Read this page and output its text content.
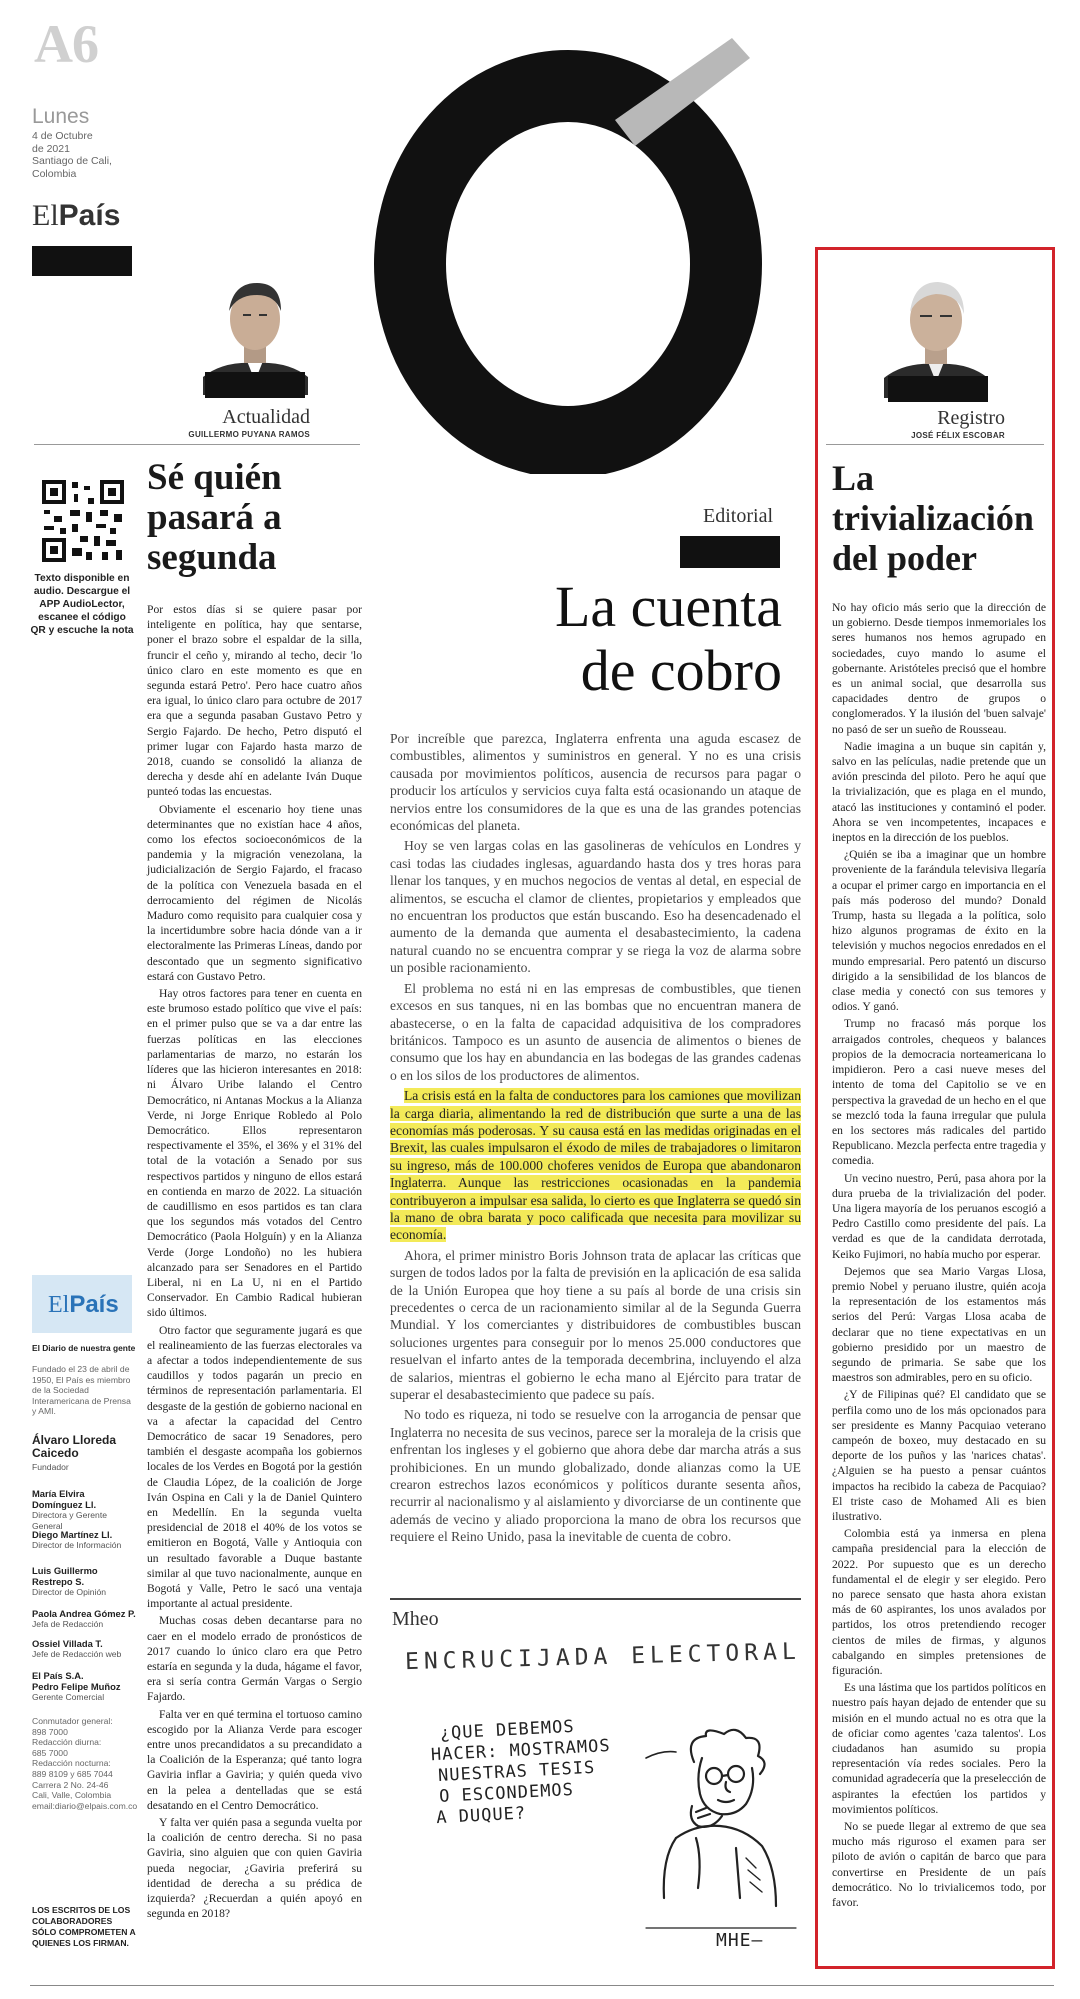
A6
Lunes
4 de Octubre
de 2021
Santiago de Cali,
Colombia
ElPaís
Actualidad
GUILLERMO PUYANA RAMOS
Sé quién
pasará a
segunda
Texto disponible en audio. Descargue el APP AudioLector, escanee el código QR y escuche la nota

Por estos días si se quiere pasar por inteligente en política, hay que sentarse, poner el brazo sobre el espaldar de la silla, fruncir el ceño y, mirando al techo, decir 'lo único claro en este momento es que en segunda estará Petro'. Pero hace cuatro años era igual, lo único claro para octubre de 2017 era que a segunda pasaban Gustavo Petro y Sergio Fajardo. De hecho, Petro disputó el primer lugar con Fajardo hasta marzo de 2018, cuando se consolidó la alianza de derecha y desde ahí en adelante Iván Duque punteó todas las encuestas.

Obviamente el escenario hoy tiene unas determinantes que no existían hace 4 años, como los efectos socioeconómicos de la pandemia y la migración venezolana, la judicialización de Sergio Fajardo, el fracaso de la política con Venezuela basada en el derrocamiento del régimen de Nicolás Maduro como requisito para cualquier cosa y la incertidumbre sobre hacia dónde van a ir electoralmente las Primeras Líneas, dando por descontado que un segmento significativo estará con Gustavo Petro.

Hay otros factores para tener en cuenta en este brumoso estado político que vive el país: en el primer pulso que se va a dar entre las fuerzas políticas en las elecciones parlamentarias de marzo, no estarán los líderes que las hicieron interesantes en 2018: ni Álvaro Uribe ‖alando el Centro Democrático, ni Antanas Mockus a la Alianza Verde, ni Jorge Enrique Robledo al Polo Democrático. Ellos representaron respectivamente el 35%, el 36% y el 31% del total de la votación a Senado por sus respectivos partidos y ninguno de ellos estará en contienda en marzo de 2022. La situación de caudillismo en esos partidos es tan clara que los segundos más votados del Centro Democrático (Paola Holguín) y en la Alianza Verde (Jorge Londoño) no les hubiera alcanzado para ser Senadores en el Partido Liberal, ni en La U, ni en el Partido Conservador. En Cambio Radical hubieran sido últimos.

Otro factor que seguramente jugará es que el realineamiento de las fuerzas electorales va a afectar a todos independientemente de sus caudillos y todos pagarán un precio en términos de representación parlamentaria. El desgaste de la gestión de gobierno nacional en va a afectar la capacidad del Centro Democrático de sacar 19 Senadores, pero también el desgaste acompaña los gobiernos locales de los Verdes en Bogotá por la gestión de Claudia López, de la coalición de Jorge Iván Ospina en Cali y la de Daniel Quintero en Medellín. En la segunda vuelta presidencial de 2018 el 40% de los votos se emitieron en Bogotá, Valle y Antioquia con un resultado favorable a Duque bastante similar al que tuvo nacionalmente, aunque en Bogotá y Valle, Petro le sacó una ventaja importante al actual presidente.

Muchas cosas deben decantarse para no caer en el modelo errado de pronósticos de 2017 cuando lo único claro era que Petro estaría en segunda y la duda, hágame el favor, era si sería contra Germán Vargas o Sergio Fajardo.

Falta ver en qué termina el tortuoso camino escogido por la Alianza Verde para escoger entre unos precandidatos a su precandidato a la Coalición de la Esperanza; qué tanto logra Gaviria inflar a Gaviria; y quién queda vivo en la pelea a dentelladas que se está desatando en el Centro Democrático.

Y falta ver quién pasa a segunda vuelta por la coalición de centro derecha. Si no pasa Gaviria, sino alguien que con quien Gaviria pueda negociar, ¿Gaviria preferirá su identidad de derecha a su prédica de izquierda? ¿Recuerdan a quién apoyó en segunda en 2018?

ElPaís
El Diario de nuestra gente
Fundado el 23 de abril de 1950, El País es miembro de la Sociedad Interamericana de Prensa y AMI.
Álvaro Lloreda Caicedo
Fundador
María Elvira Domínguez Ll.
Directora y Gerente General
Diego Martínez Ll.
Director de Información
Luis Guillermo Restrepo S.
Director de Opinión
Paola Andrea Gómez P.
Jefa de Redacción
Ossiel Villada T.
Jefe de Redacción web
El País S.A.
Pedro Felipe Muñoz
Gerente Comercial
Conmutador general:
898 7000
Redacción diurna:
685 7000
Redacción nocturna:
889 8109 y 685 7044
Carrera 2 No. 24-46
Cali, Valle, Colombia
email:diario@elpais.com.co
LOS ESCRITOS DE LOS COLABORADORES SÓLO COMPROMETEN A QUIENES LOS FIRMAN.
Editorial
La cuenta
de cobro

Por increíble que parezca, Inglaterra enfrenta una aguda escasez de combustibles, alimentos y suministros en general. Y no es una crisis causada por movimientos políticos, ausencia de recursos para pagar o producir los artículos y servicios cuya falta está ocasionando un ataque de nervios entre los consumidores de la que es una de las grandes potencias económicas del planeta.

Hoy se ven largas colas en las gasolineras de vehículos en Londres y casi todas las ciudades inglesas, aguardando hasta dos y tres horas para llenar los tanques, y en muchos negocios de ventas al detal, en especial de alimentos, se escucha el clamor de clientes, propietarios y empleados que no encuentran los productos que están buscando. Eso ha desencadenado el aumento de la demanda que aumenta el desabastecimiento, la cadena natural cuando no se encuentra comprar y se riega la voz de alarma sobre un posible racionamiento.

El problema no está ni en las empresas de combustibles, que tienen excesos en sus tanques, ni en las bombas que no encuentran manera de abastecerse, o en la falta de capacidad adquisitiva de los compradores británicos. Tampoco es un asunto de ausencia de alimentos o bienes de consumo que los hay en abundancia en las bodegas de las grandes cadenas o en los silos de los productores de alimentos.

La crisis está en la falta de conductores para los camiones que movilizan la carga diaria, alimentando la red de distribución que surte a una de las economías más poderosas. Y su causa está en las medidas originadas en el Brexit, las cuales impulsaron el éxodo de miles de trabajadores o limitaron su ingreso, más de 100.000 choferes venidos de Europa que abandonaron Inglaterra. Aunque las restricciones ocasionadas en la pandemia contribuyeron a impulsar esa salida, lo cierto es que Inglaterra se quedó sin la mano de obra barata y poco calificada que necesita para movilizar su economía.

Ahora, el primer ministro Boris Johnson trata de aplacar las críticas que surgen de todos lados por la falta de previsión en la aplicación de esa salida de la Unión Europea que hoy tiene a su país al borde de una crisis sin precedentes o cerca de un racionamiento similar al de la Segunda Guerra Mundial. Y los comerciantes y distribuidores de combustibles buscan soluciones urgentes para conseguir por lo menos 25.000 conductores que resuelvan el infarto antes de la temporada decembrina, incluyendo el alza de salarios, mientras el gobierno le echa mano al Ejército para tratar de superar el desabastecimiento que padece su país.

No todo es riqueza, ni todo se resuelve con la arrogancia de pensar que Inglaterra no necesita de sus vecinos, parece ser la moraleja de la crisis que enfrentan los ingleses y el gobierno que ahora debe dar marcha atrás a sus prohibiciones. En un mundo globalizado, donde alianzas como la UE crearon estrechos lazos económicos y políticos durante sesenta años, recurrir al nacionalismo y al aislamiento y divorciarse de un continente que además de vecino y aliado proporciona la mano de obra los recursos que requiere el Reino Unido, pasa la inevitable de cuenta de cobro.

Mheo
ENCRUCIJADA ELECTORAL
¿QUE DEBEMOS
HACER: MOSTRAMOS
NUESTRAS TESIS
O ESCONDEMOS
A DUQUE?
MHE—
Registro
JOSÉ FÉLIX ESCOBAR
La
trivialización
del poder

No hay oficio más serio que la dirección de un gobierno. Desde tiempos inmemoriales los seres humanos nos hemos agrupado en sociedades, cuyo mando lo asume el gobernante. Aristóteles precisó que el hombre es un animal social, que desarrolla sus capacidades dentro de grupos o conglomerados. Y la ilusión del 'buen salvaje' no pasó de ser un sueño de Rousseau.

Nadie imagina a un buque sin capitán y, salvo en las películas, nadie pretende que un avión prescinda del piloto. Pero he aquí que la trivialización, que es plaga en el mundo, atacó las instituciones y contaminó el poder. Ahora se ven incompetentes, incapaces e ineptos en la dirección de los pueblos.

¿Quién se iba a imaginar que un hombre proveniente de la farándula televisiva llegaría a ocupar el primer cargo en importancia en el país más poderoso del mundo? Donald Trump, hasta su llegada a la política, solo hizo algunos programas de éxito en la televisión y muchos negocios enredados en el mundo empresarial. Pero patentó un discurso dirigido a la sensibilidad de los blancos de clase media y conectó con sus temores y odios. Y ganó.

Trump no fracasó más porque los arraigados controles, chequeos y balances propios de la democracia norteamericana lo impidieron. Pero a casi nueve meses del intento de toma del Capitolio se ve en perspectiva la gravedad de un hecho en el que se mezcló toda la fauna irregular que pulula en los sectores más radicales del partido Republicano. Mezcla perfecta entre tragedia y comedia.

Un vecino nuestro, Perú, pasa ahora por la dura prueba de la trivialización del poder. Una ligera mayoría de los peruanos escogió a Pedro Castillo como presidente del país. La verdad es que de la candidata derrotada, Keiko Fujimori, no había mucho por esperar.

Dejemos que sea Mario Vargas Llosa, premio Nobel y peruano ilustre, quién acoja la representación de los estamentos más serios del Perú: Vargas Llosa acaba de declarar que no tiene expectativas en un gobierno presidido por un maestro de segundo de primaria. Se sabe que los maestros son admirables, pero en su oficio.

¿Y de Filipinas qué? El candidato que se perfila como uno de los más opcionados para ser presidente es Manny Pacquiao veterano campeón de boxeo, muy destacado en su deporte de los puños y las 'narices chatas'. ¿Alguien se ha puesto a pensar cuántos impactos ha recibido la cabeza de Pacquiao? El triste caso de Mohamed Ali es bien ilustrativo.

Colombia está ya inmersa en plena campaña presidencial para la elección de 2022. Por supuesto que es un derecho fundamental el de elegir y ser elegido. Pero no parece sensato que hasta ahora existan más de 60 aspirantes, los unos avalados por partidos, los otros pretendiendo recoger cientos de miles de firmas, y algunos cabalgando en simples pretensiones de figuración.

Es una lástima que los partidos políticos en nuestro país hayan dejado de entender que su misión en el mundo actual no es otra que la de oficiar como agentes 'caza talentos'. Los ciudadanos han asumido su propia representación vía redes sociales. Pero la comunidad agradecería que la preselección de aspirantes la efectúen los partidos y movimientos políticos.

No se puede llegar al extremo de que sea mucho más riguroso el examen para ser piloto de avión o capitán de barco que para convertirse en Presidente de un país democrático. No lo trivialicemos todo, por favor.
